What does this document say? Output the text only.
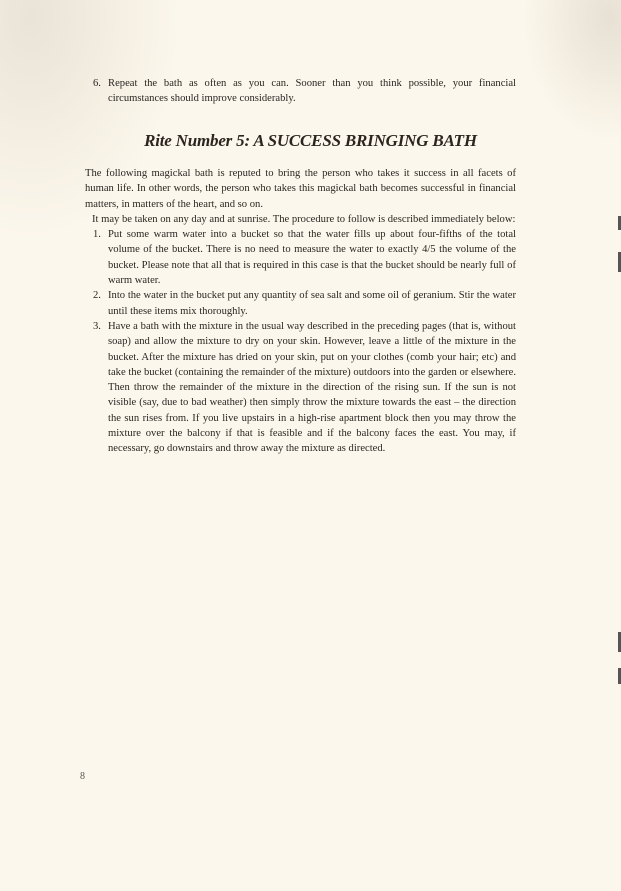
6. Repeat the bath as often as you can. Sooner than you think possible, your financial circumstances should improve considerably.
Rite Number 5: A SUCCESS BRINGING BATH

The following magickal bath is reputed to bring the person who takes it success in all facets of human life. In other words, the person who takes this magickal bath becomes successful in financial matters, in matters of the heart, and so on.

It may be taken on any day and at sunrise. The procedure to follow is described immediately below:

1. Put some warm water into a bucket so that the water fills up about four-fifths of the total volume of the bucket. There is no need to measure the water to exactly 4/5 the volume of the bucket. Please note that all that is required in this case is that the bucket should be nearly full of warm water.
2. Into the water in the bucket put any quantity of sea salt and some oil of geranium. Stir the water until these items mix thoroughly.
3. Have a bath with the mixture in the usual way described in the preceding pages (that is, without soap) and allow the mixture to dry on your skin. However, leave a little of the mixture in the bucket. After the mixture has dried on your skin, put on your clothes (comb your hair; etc) and take the bucket (containing the remainder of the mixture) outdoors into the garden or elsewhere. Then throw the remainder of the mixture in the direction of the rising sun. If the sun is not visible (say, due to bad weather) then simply throw the mixture towards the east – the direction the sun rises from. If you live upstairs in a high-rise apartment block then you may throw the mixture over the balcony if that is feasible and if the balcony faces the east. You may, if necessary, go downstairs and throw away the mixture as directed.
8
